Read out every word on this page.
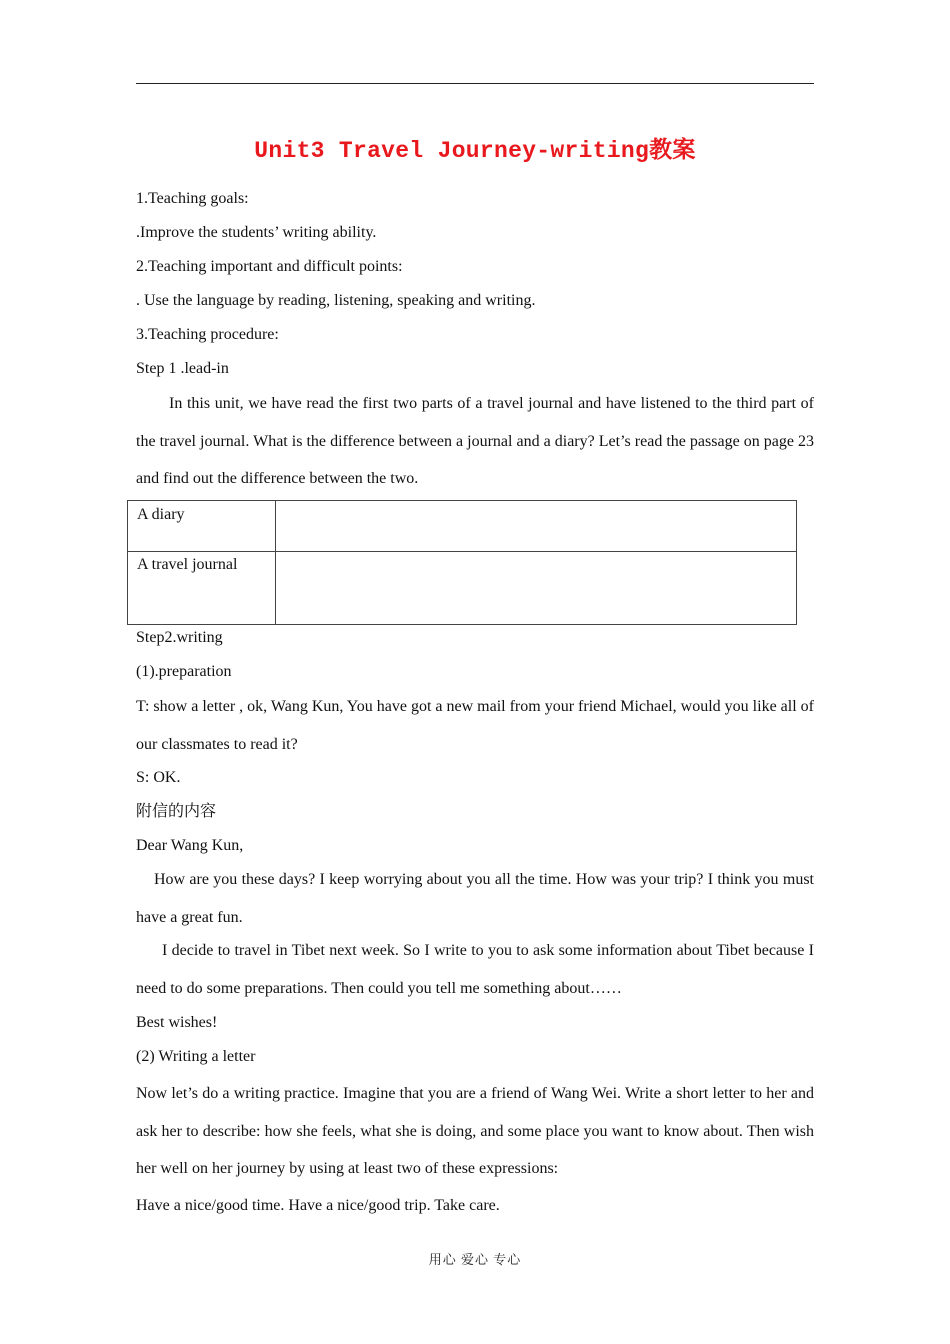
Unit3 Travel Journey-writing教案
1.Teaching goals:
.Improve the students’ writing ability.
2.Teaching important and difficult points:
. Use the language by reading, listening, speaking and writing.
3.Teaching procedure:
Step 1 .lead-in
In this unit, we have read the first two parts of a travel journal and have listened to the third part of the travel journal. What is the difference between a journal and a diary? Let’s read the passage on page 23 and find out the difference between the two.
A diary
A travel journal
Step2.writing
(1).preparation
T: show a letter , ok, Wang Kun, You have got a new mail from your friend Michael, would you like all of our classmates to read it?
S: OK.
附信的内容
Dear Wang Kun,
How are you these days? I keep worrying about you all the time. How was your trip? I think you must have a great fun.
I decide to travel in Tibet next week. So I write to you to ask some information about Tibet because I need to do some preparations. Then could you tell me something about……
Best wishes!
(2) Writing a letter
Now let’s do a writing practice. Imagine that you are a friend of Wang Wei. Write a short letter to her and ask her to describe: how she feels, what she is doing, and some place you want to know about. Then wish her well on her journey by using at least two of these expressions:
Have a nice/good time. Have a nice/good trip. Take care.
用心 爱心 专心
